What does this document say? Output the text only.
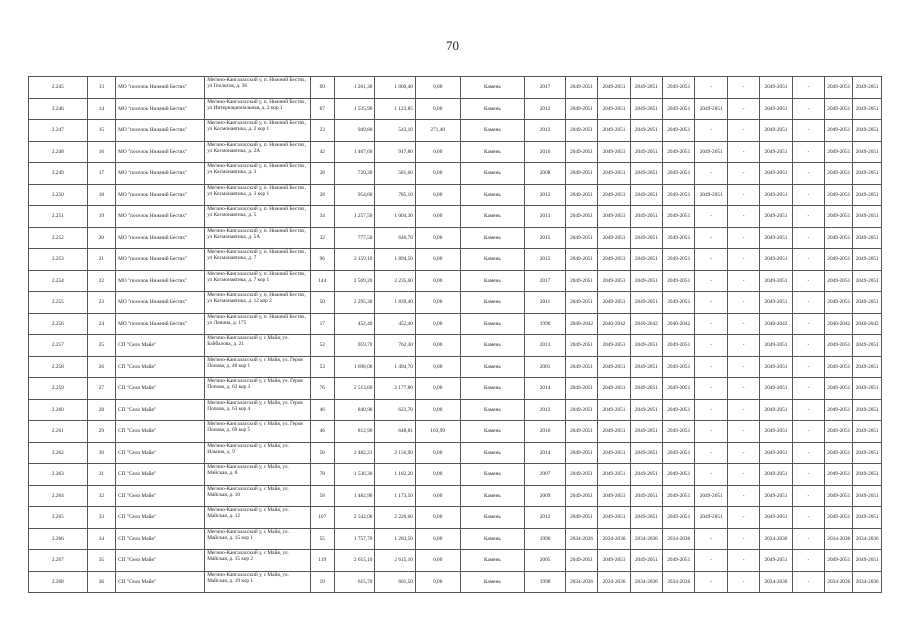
70
2.245	13	МО "поселок Нижний Бестях"	Мегино-Кангаласский у, п. Нижний Бестях, ул Геологов, д. 36	69	1 261,30	1 000,40	0,00	Камень	2017	2049-2051	2049-2051	2049-2051	2049-2051	-	-	2049-2051	-	2049-2051	2049-2051
2.246	14	МО "поселок Нижний Бестях"	Мегино-Кангаласский у, п. Нижний Бестях, ул Интернациональная, д. 2 кор 1	67	1 535,90	1 123,85	0,00	Камень	2012	2049-2051	2049-2051	2049-2051	2049-2051	2049-2051	-	2049-2051	-	2049-2051	2049-2051
2.247	15	МО "поселок Нижний Бестях"	Мегино-Кангаласский у, п. Нижний Бестях, ул Космонавтика, д. 2 кор 1	23	949,80	543,10	271,40	Камень	2013	2049-2051	2049-2051	2049-2051	2049-2051	-	-	2049-2051	-	2049-2051	2049-2051
2.248	16	МО "поселок Нижний Бестях"	Мегино-Кангаласский у, п. Нижний Бестях, ул Космонавтика, д. 2А	42	1 467,60	917,80	0,00	Камень	2016	2049-2051	2049-2051	2049-2051	2049-2051	2049-2051	-	2049-2051	-	2049-2051	2049-2051
2.249	17	МО "поселок Нижний Бестях"	Мегино-Кангаласский у, п. Нижний Бестях, ул Космонавтика, д. 3	28	720,30	581,60	0,00	Камень	2008	2049-2051	2049-2051	2049-2051	2049-2051	-	-	2049-2051	-	2049-2051	2049-2051
2.250	18	МО "поселок Нижний Бестях"	Мегино-Кангаласский у, п. Нижний Бестях, ул Космонавтика, д. 3 кор 1	28	954,60	785,10	0,00	Камень	2012	2049-2051	2049-2051	2049-2051	2049-2051	2049-2051	-	2049-2051	-	2049-2051	2049-2051
2.251	19	МО "поселок Нижний Бестях"	Мегино-Кангаласский у, п. Нижний Бестях, ул Космонавтика, д. 5	34	1 257,50	1 004,30	0,00	Камень	2013	2049-2051	2049-2051	2049-2051	2049-2051	-	-	2049-2051	-	2049-2051	2049-2051
2.252	20	МО "поселок Нижний Бестях"	Мегино-Кангаласский у, п. Нижний Бестях, ул Космонавтика, д. 5А	32	777,50	646,70	0,00	Камень	2015	2049-2051	2049-2051	2049-2051	2049-2051	-	-	2049-2051	-	2049-2051	2049-2051
2.253	21	МО "поселок Нижний Бестях"	Мегино-Кангаласский у, п. Нижний Бестях, ул Космонавтика, д. 7	96	2 159,10	1 894,50	0,00	Камень	2015	2049-2051	2049-2051	2049-2051	2049-2051	-	-	2049-2051	-	2049-2051	2049-2051
2.254	22	МО "поселок Нижний Бестях"	Мегино-Кангаласский у, п. Нижний Бестях, ул Космонавтика, д. 7 кор 1	144	2 569,20	2 235,60	0,00	Камень	2017	2049-2051	2049-2051	2049-2051	2049-2051	-	-	2049-2051	-	2049-2051	2049-2051
2.255	23	МО "поселок Нижний Бестях"	Мегино-Кангаласский у, п. Нижний Бестях, ул Космонавтика, д. 12 кор 2	50	2 295,30	1 839,40	0,00	Камень	2011	2049-2051	2049-2051	2049-2051	2049-2051	-	-	2049-2051	-	2049-2051	2049-2051
2.256	24	МО "поселок Нижний Бестях"	Мегино-Кангаласский у, п. Нижний Бестях, ул Ленина, д. 175	17	452,40	452,40	0,00	Камень	1990	2040-2042	2040-2042	2040-2042	2040-2042	-	-	2040-2042	-	2040-2042	2040-2042
2.257	25	СП "Село Майя"	Мегино-Кангаласский у, с Майя, ул. Байбалова, д. 21	52	959,70	762,30	0,00	Камень	2013	2049-2051	2049-2051	2049-2051	2049-2051	-	-	2049-2051	-	2049-2051	2049-2051
2.258	26	СП "Село Майя"	Мегино-Кангаласский у, с Майя, ул. Героя Попова, д. 40 кор 1	53	1 698,00	1 494,70	0,00	Камень	2001	2049-2051	2049-2051	2049-2051	2049-2051	-	-	2049-2051	-	2049-2051	2049-2051
2.259	27	СП "Село Майя"	Мегино-Кангаласский у, с Майя, ул. Героя Попова, д. 63 кор 3	76	2 513,60	2 177,80	0,00	Камень	2014	2049-2051	2049-2051	2049-2051	2049-2051	-	-	2049-2051	-	2049-2051	2049-2051
2.260	28	СП "Село Майя"	Мегино-Кангаласский у, с Майя, ул. Героя Попова, д. 63 кор 4	46	840,90	623,70	0,00	Камень	2013	2049-2051	2049-2051	2049-2051	2049-2051	-	-	2049-2051	-	2049-2051	2049-2051
2.261	29	СП "Село Майя"	Мегино-Кангаласский у, с Майя, ул. Героя Попова, д. 69 кор 5	46	812,90	648,81	163,99	Камень	2016	2049-2051	2049-2051	2049-2051	2049-2051	-	-	2049-2051	-	2049-2051	2049-2051
2.262	30	СП "Село Майя"	Мегино-Кангаласский у, с Майя, ул. Ильина, д. 9	56	2 482,21	2 156,90	0,00	Камень	2014	2049-2051	2049-2051	2049-2051	2049-2051	-	-	2049-2051	-	2049-2051	2049-2051
2.263	31	СП "Село Майя"	Мегино-Кангаласский у, с Майя, ул. Майская, д. 8	78	1 536,30	1 182,20	0,00	Камень	2007	2049-2051	2049-2051	2049-2051	2049-2051	-	-	2049-2051	-	2049-2051	2049-2051
2.264	32	СП "Село Майя"	Мегино-Кангаласский у, с Майя, ул. Майская, д. 10	58	1 482,90	1 173,50	0,00	Камень	2009	2049-2051	2049-2051	2049-2051	2049-2051	2049-2051	-	2049-2051	-	2049-2051	2049-2051
2.265	33	СП "Село Майя"	Мегино-Кангаласский у, с Майя, ул. Майская, д. 12	107	2 542,00	2 226,60	0,00	Камень	2012	2049-2051	2049-2051	2049-2051	2049-2051	2049-2051	-	2049-2051	-	2049-2051	2049-2051
2.266	34	СП "Село Майя"	Мегино-Кангаласский у, с Майя, ул. Майская, д. 15 кор 1	55	1 757,70	1 283,50	0,00	Камень	1990	2034-2036	2034-2036	2034-2036	2034-2036	-	-	2034-2036	-	2034-2036	2034-2036
2.267	35	СП "Село Майя"	Мегино-Кангаласский у, с Майя, ул. Майская, д. 15 кор 2	119	2 615,10	2 615,10	0,00	Камень	2005	2049-2051	2049-2051	2049-2051	2049-2051	-	-	2049-2051	-	2049-2051	2049-2051
2.268	36	СП "Село Майя"	Мегино-Кангаласский у, с Майя, ул. Майская, д. 19 кор 1	19	615,70	601,50	0,00	Камень	1998	2034-2036	2034-2036	2034-2036	2034-2036	-	-	2034-2036	-	2034-2036	2034-2036
